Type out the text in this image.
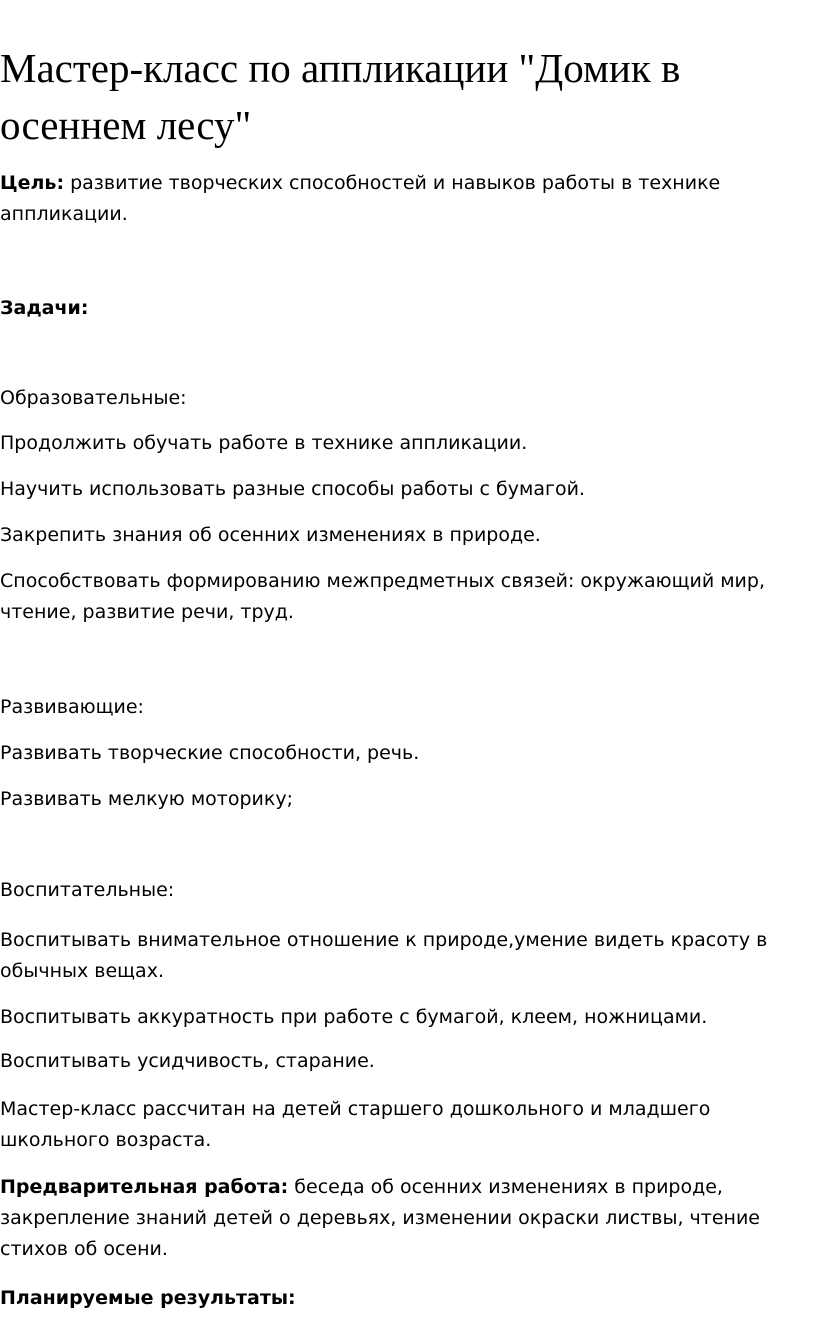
Мастер-класс по аппликации "Домик в
осеннем лесу"

Цель: развитие творческих способностей и навыков работы в технике
аппликации.

Задачи:

Образовательные:

Продолжить обучать работе в технике аппликации.

Научить использовать разные способы работы с бумагой.

Закрепить знания об осенних изменениях в природе.

Способствовать формированию межпредметных связей: окружающий мир,
чтение, развитие речи, труд.

Развивающие:

Развивать творческие способности, речь.

Развивать мелкую моторику;

Воспитательные:

Воспитывать внимательное отношение к природе,умение видеть красоту в
обычных вещах.

Воспитывать аккуратность при работе с бумагой, клеем, ножницами.

Воспитывать усидчивость, старание.

Мастер-класс рассчитан на детей старшего дошкольного и младшего
школьного возраста.

Предварительная работа: беседа об осенних изменениях в природе,
закрепление знаний детей о деревьях, изменении окраски листвы, чтение
стихов об осени.

Планируемые результаты:
